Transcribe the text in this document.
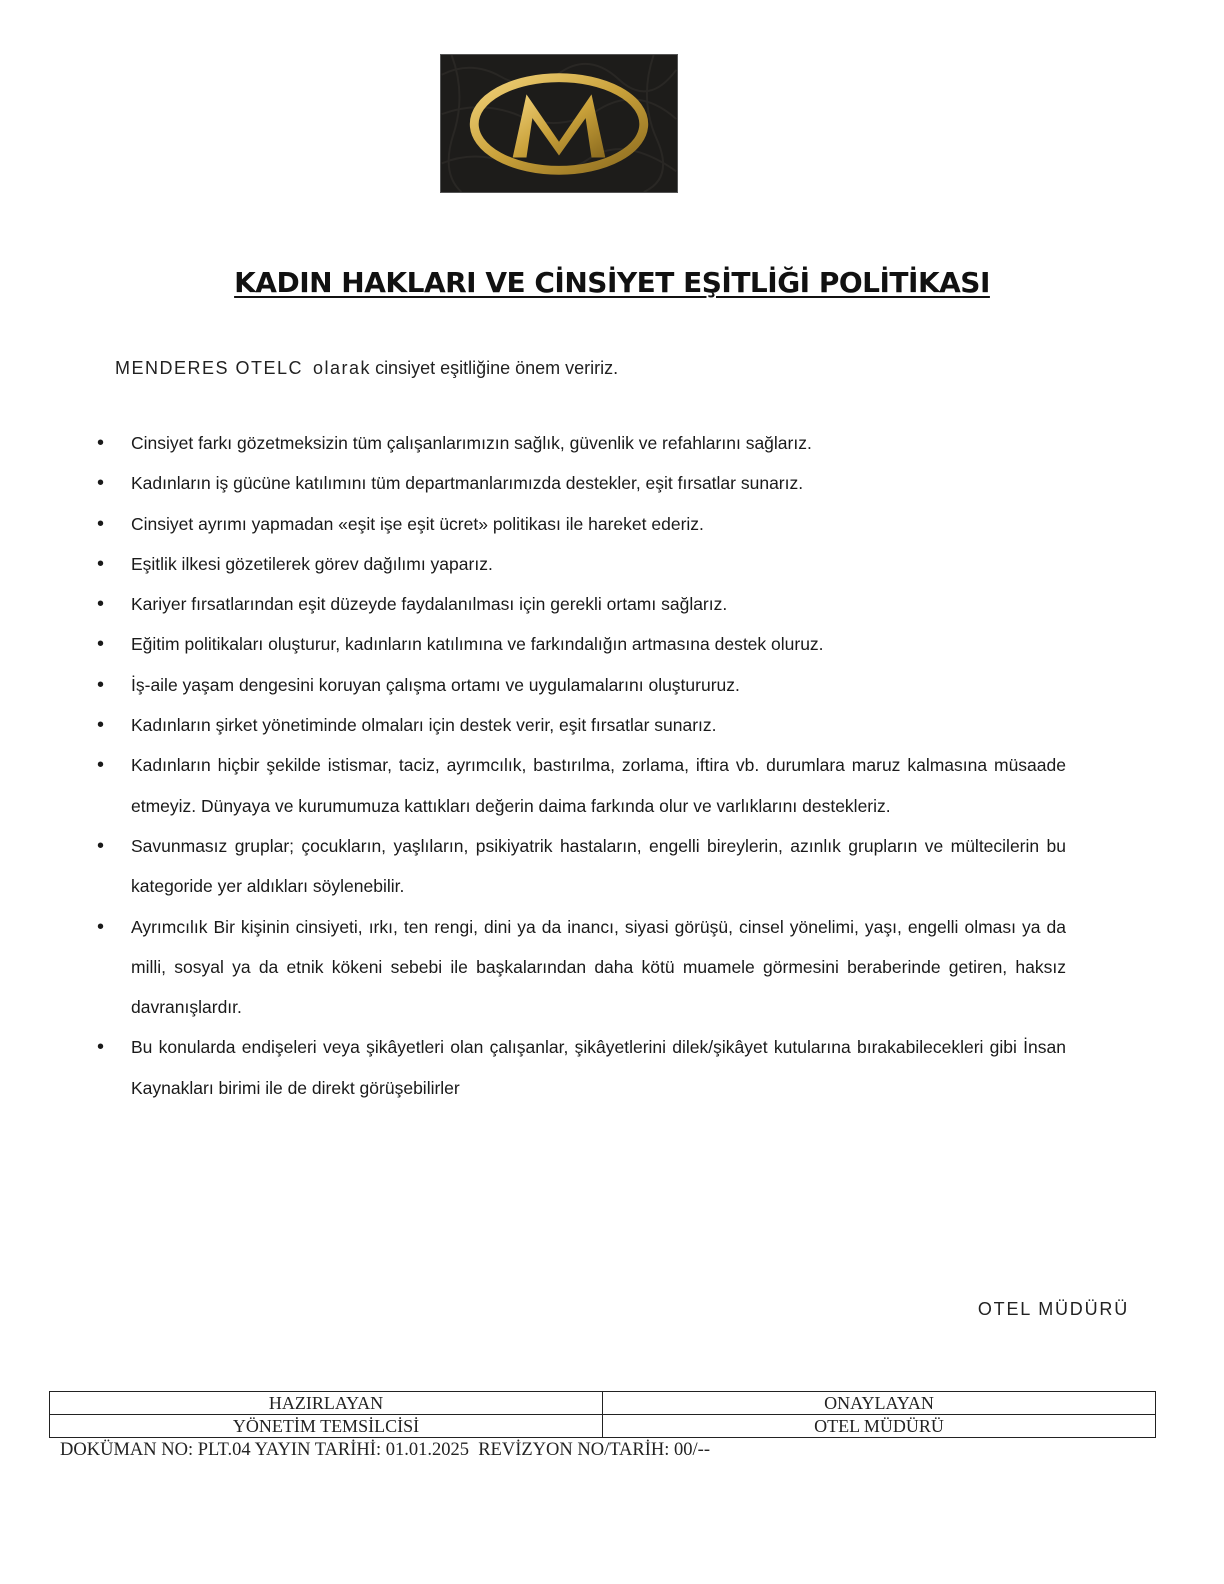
KADIN HAKLARI VE CİNSİYET EŞİTLİĞİ POLİTİKASI
MENDERES OTELC olarak cinsiyet eşitliğine önem veririz.
• Cinsiyet farkı gözetmeksizin tüm çalışanlarımızın sağlık, güvenlik ve refahlarını sağlarız.
• Kadınların iş gücüne katılımını tüm departmanlarımızda destekler, eşit fırsatlar sunarız.
• Cinsiyet ayrımı yapmadan «eşit işe eşit ücret» politikası ile hareket ederiz.
• Eşitlik ilkesi gözetilerek görev dağılımı yaparız.
• Kariyer fırsatlarından eşit düzeyde faydalanılması için gerekli ortamı sağlarız.
• Eğitim politikaları oluşturur, kadınların katılımına ve farkındalığın artmasına destek oluruz.
• İş-aile yaşam dengesini koruyan çalışma ortamı ve uygulamalarını oluştururuz.
• Kadınların şirket yönetiminde olmaları için destek verir, eşit fırsatlar sunarız.
• Kadınların hiçbir şekilde istismar, taciz, ayrımcılık, bastırılma, zorlama, iftira vb. durumlara maruz kalmasına müsaade etmeyiz. Dünyaya ve kurumumuza kattıkları değerin daima farkında olur ve varlıklarını destekleriz.
• Savunmasız gruplar; çocukların, yaşlıların, psikiyatrik hastaların, engelli bireylerin, azınlık grupların ve mültecilerin bu kategoride yer aldıkları söylenebilir.
• Ayrımcılık Bir kişinin cinsiyeti, ırkı, ten rengi, dini ya da inancı, siyasi görüşü, cinsel yönelimi, yaşı, engelli olması ya da milli, sosyal ya da etnik kökeni sebebi ile başkalarından daha kötü muamele görmesini beraberinde getiren, haksız davranışlardır.
• Bu konularda endişeleri veya şikâyetleri olan çalışanlar, şikâyetlerini dilek/şikâyet kutularına bırakabilecekleri gibi İnsan Kaynakları birimi ile de direkt görüşebilirler
OTEL MÜDÜRÜ
HAZIRLAYAN	ONAYLAYAN
YÖNETİM TEMSİLCİSİ	OTEL MÜDÜRÜ
DOKÜMAN NO: PLT.04 YAYIN TARİHİ: 01.01.2025  REVİZYON NO/TARİH: 00/--
